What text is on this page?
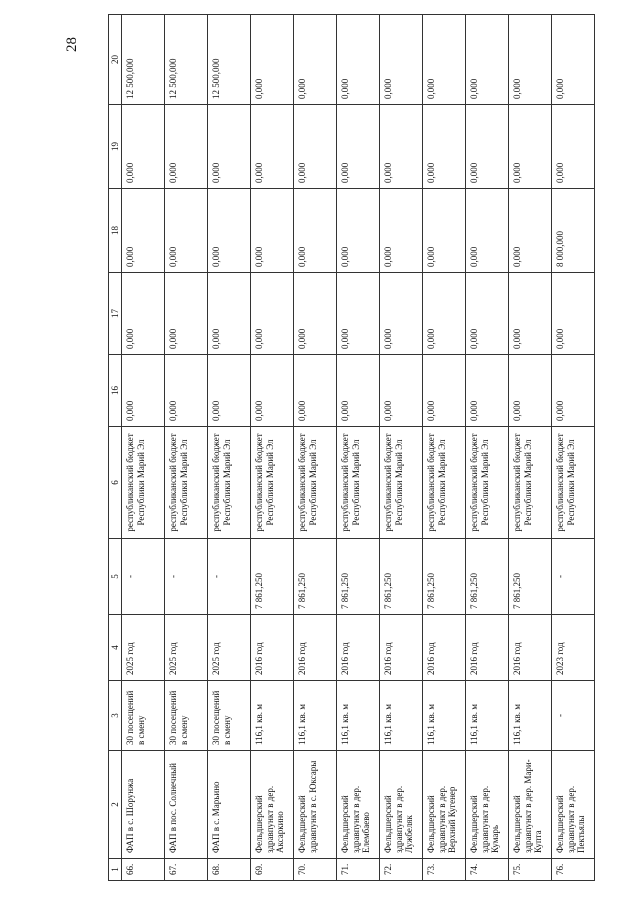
28
1	2	3	4	5	6	16	17	18	19	20
66.	ФАП в с. Шорунжа	30 посещений в смену	2025 год	-	республиканский бюджет Республики Марий Эл	0,000	0,000	0,000	0,000	12 500,000
67.	ФАП в пос. Солнечный	30 посещений в смену	2025 год	-	республиканский бюджет Республики Марий Эл	0,000	0,000	0,000	0,000	12 500,000
68.	ФАП в с. Марьино	30 посещений в смену	2025 год	-	республиканский бюджет Республики Марий Эл	0,000	0,000	0,000	0,000	12 500,000
69.	Фельдшерский здравпункт в дер. Аксаркино	116,1 кв. м	2016 год	7 861,250	республиканский бюджет Республики Марий Эл	0,000	0,000	0,000	0,000	0,000
70.	Фельдшерский здравпункт в с. Юксары	116,1 кв. м	2016 год	7 861,250	республиканский бюджет Республики Марий Эл	0,000	0,000	0,000	0,000	0,000
71.	Фельдшерский здравпункт в дер. Елембаево	116,1 кв. м	2016 год	7 861,250	республиканский бюджет Республики Марий Эл	0,000	0,000	0,000	0,000	0,000
72.	Фельдшерский здравпункт в дер. Лужбеляк	116,1 кв. м	2016 год	7 861,250	республиканский бюджет Республики Марий Эл	0,000	0,000	0,000	0,000	0,000
73.	Фельдшерский здравпункт в дер. Верхний Кугенер	116,1 кв. м	2016 год	7 861,250	республиканский бюджет Республики Марий Эл	0,000	0,000	0,000	0,000	0,000
74.	Фельдшерский здравпункт в дер. Кумарь	116,1 кв. м	2016 год	7 861,250	республиканский бюджет Республики Марий Эл	0,000	0,000	0,000	0,000	0,000
75.	Фельдшерский здравпункт в дер. Мари-Купта	116,1 кв. м	2016 год	7 861,250	республиканский бюджет Республики Марий Эл	0,000	0,000	0,000	0,000	0,000
76.	Фельдшерский здравпункт в дер. Пектьялы	-	2023 год	-	республиканский бюджет Республики Марий Эл	0,000	0,000	8 000,000	0,000	0,000
